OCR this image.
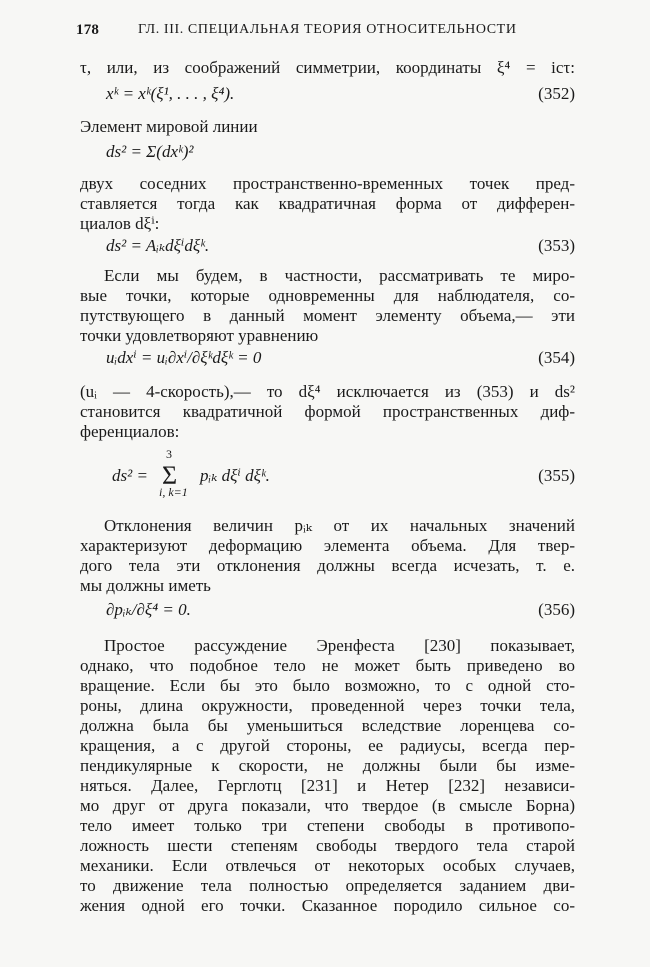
178	ГЛ. III. СПЕЦИАЛЬНАЯ ТЕОРИЯ ОТНОСИТЕЛЬНОСТИ
τ, или, из соображений симметрии, координаты ξ⁴ = icτ:
xᵏ = xᵏ(ξ¹, . . . , ξ⁴).	(352)
Элемент мировой линии
ds² = Σ(dxᵏ)²
двух соседних пространственно-временных точек пред-
ставляется тогда как квадратичная форма от дифферен-
циалов dξⁱ:
ds² = Aᵢₖdξⁱdξᵏ.	(353)
Если мы будем, в частности, рассматривать те миро-
вые точки, которые одновременны для наблюдателя, со-
путствующего в данный момент элементу объема,— эти
точки удовлетворяют уравнению
uᵢdxⁱ = uᵢ∂xⁱ/∂ξᵏdξᵏ = 0	(354)
(uᵢ — 4-скорость),— то dξ⁴ исключается из (353) и ds²
становится квадратичной формой пространственных диф-
ференциалов:
ds² =
3
Σ
i, k=1
pᵢₖ dξⁱ dξᵏ.	(355)
Отклонения величин pᵢₖ от их начальных значений
характеризуют деформацию элемента объема. Для твер-
дого тела эти отклонения должны всегда исчезать, т. е.
мы должны иметь
∂pᵢₖ/∂ξ⁴ = 0.	(356)
Простое рассуждение Эренфеста [230] показывает,
однако, что подобное тело не может быть приведено во
вращение. Если бы это было возможно, то с одной сто-
роны, длина окружности, проведенной через точки тела,
должна была бы уменьшиться вследствие лоренцева со-
кращения, а с другой стороны, ее радиусы, всегда пер-
пендикулярные к скорости, не должны были бы изме-
няться. Далее, Герглотц [231] и Нетер [232] независи-
мо друг от друга показали, что твердое (в смысле Борна)
тело имеет только три степени свободы в противопо-
ложность шести степеням свободы твердого тела старой
механики. Если отвлечься от некоторых особых случаев,
то движение тела полностью определяется заданием дви-
жения одной его точки. Сказанное породило сильное со-
